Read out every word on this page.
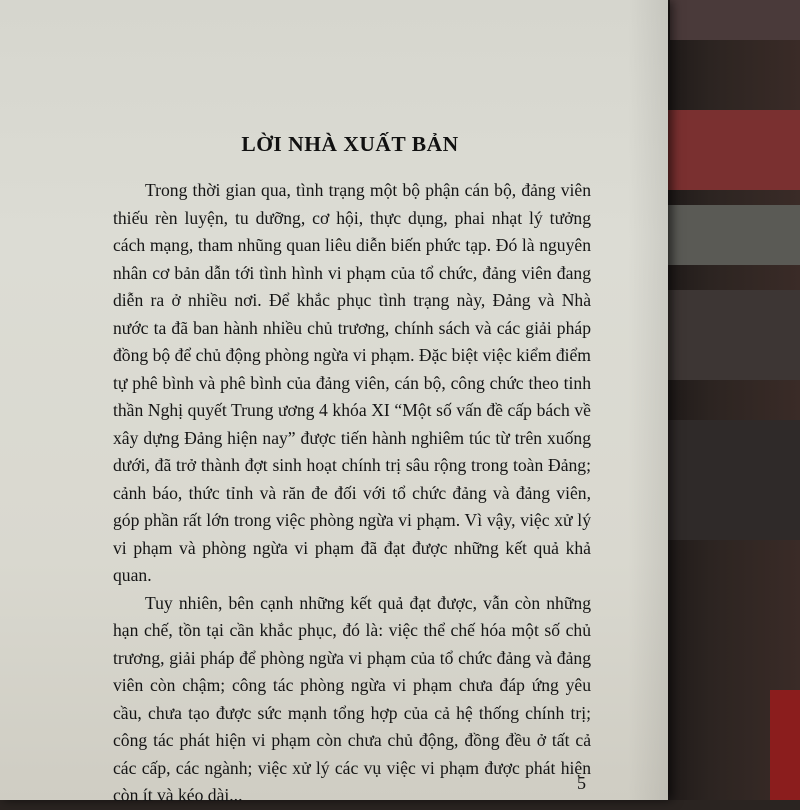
LỜI NHÀ XUẤT BẢN

Trong thời gian qua, tình trạng một bộ phận cán bộ, đảng viên thiếu rèn luyện, tu dưỡng, cơ hội, thực dụng, phai nhạt lý tưởng cách mạng, tham nhũng quan liêu diễn biến phức tạp. Đó là nguyên nhân cơ bản dẫn tới tình hình vi phạm của tổ chức, đảng viên đang diễn ra ở nhiều nơi. Để khắc phục tình trạng này, Đảng và Nhà nước ta đã ban hành nhiều chủ trương, chính sách và các giải pháp đồng bộ để chủ động phòng ngừa vi phạm. Đặc biệt việc kiểm điểm tự phê bình và phê bình của đảng viên, cán bộ, công chức theo tinh thần Nghị quyết Trung ương 4 khóa XI “Một số vấn đề cấp bách về xây dựng Đảng hiện nay” được tiến hành nghiêm túc từ trên xuống dưới, đã trở thành đợt sinh hoạt chính trị sâu rộng trong toàn Đảng; cảnh báo, thức tỉnh và răn đe đối với tổ chức đảng và đảng viên, góp phần rất lớn trong việc phòng ngừa vi phạm. Vì vậy, việc xử lý vi phạm và phòng ngừa vi phạm đã đạt được những kết quả khả quan.

Tuy nhiên, bên cạnh những kết quả đạt được, vẫn còn những hạn chế, tồn tại cần khắc phục, đó là: việc thể chế hóa một số chủ trương, giải pháp để phòng ngừa vi phạm của tổ chức đảng và đảng viên còn chậm; công tác phòng ngừa vi phạm chưa đáp ứng yêu cầu, chưa tạo được sức mạnh tổng hợp của cả hệ thống chính trị; công tác phát hiện vi phạm còn chưa chủ động, đồng đều ở tất cả các cấp, các ngành; việc xử lý các vụ việc vi phạm được phát hiện còn ít và kéo dài...

5
